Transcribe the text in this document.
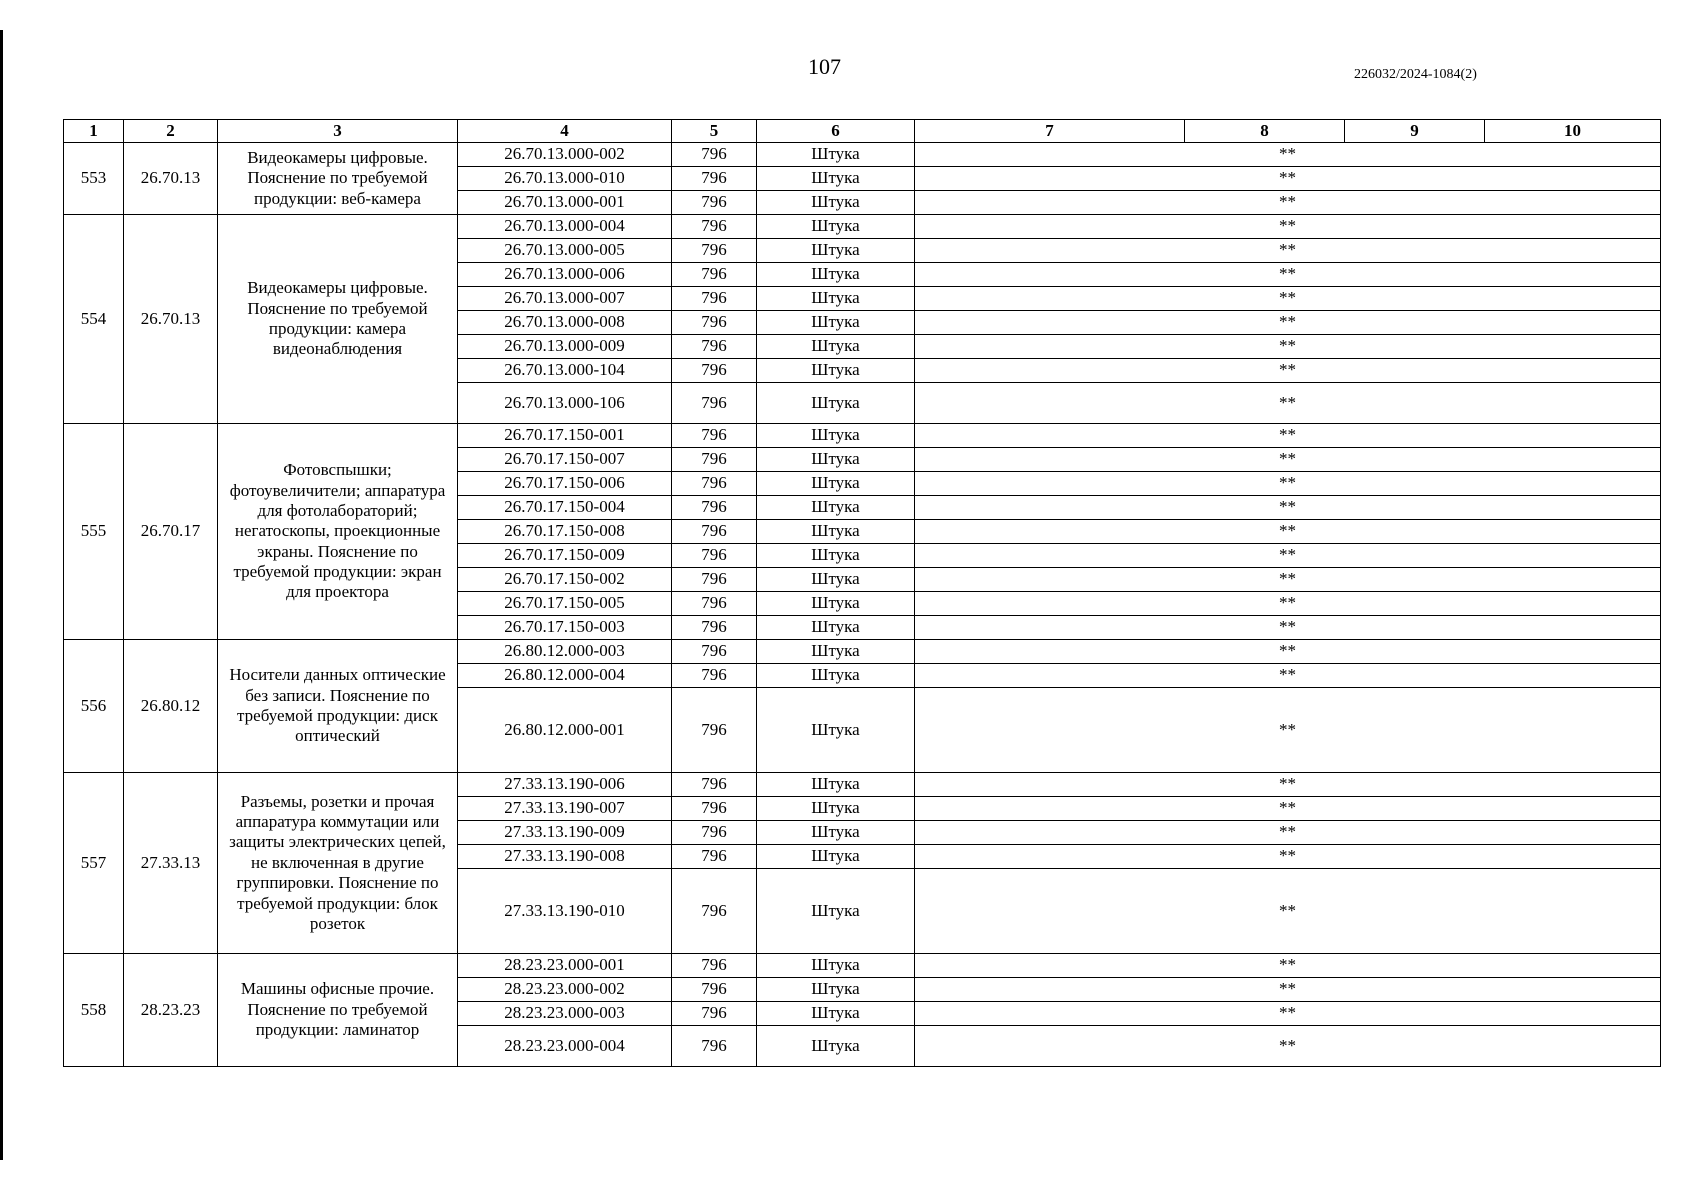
107	226032/2024-1084(2)
1	2	3	4	5	6	7	8	9	10
553	26.70.13	Видеокамеры цифровые. Пояснение по требуемой продукции: веб-камера	26.70.13.000-002	796	Штука	**			
			26.70.13.000-010	796	Штука	**			
			26.70.13.000-001	796	Штука	**			
554	26.70.13	Видеокамеры цифровые. Пояснение по требуемой продукции: камера видеонаблюдения	26.70.13.000-004	796	Штука	**			
			26.70.13.000-005	796	Штука	**			
			26.70.13.000-006	796	Штука	**			
			26.70.13.000-007	796	Штука	**			
			26.70.13.000-008	796	Штука	**			
			26.70.13.000-009	796	Штука	**			
			26.70.13.000-104	796	Штука	**			
			26.70.13.000-106	796	Штука	**			
555	26.70.17	Фотовспышки; фотоувеличители; аппаратура для фотолабораторий; негатоскопы, проекционные экраны. Пояснение по требуемой продукции: экран для проектора	26.70.17.150-001	796	Штука	**			
			26.70.17.150-007	796	Штука	**			
			26.70.17.150-006	796	Штука	**			
			26.70.17.150-004	796	Штука	**			
			26.70.17.150-008	796	Штука	**			
			26.70.17.150-009	796	Штука	**			
			26.70.17.150-002	796	Штука	**			
			26.70.17.150-005	796	Штука	**			
			26.70.17.150-003	796	Штука	**			
556	26.80.12	Носители данных оптические без записи. Пояснение по требуемой продукции: диск оптический	26.80.12.000-003	796	Штука	**			
			26.80.12.000-004	796	Штука	**			
			26.80.12.000-001	796	Штука	**			
557	27.33.13	Разъемы, розетки и прочая аппаратура коммутации или защиты электрических цепей, не включенная в другие группировки. Пояснение по требуемой продукции: блок розеток	27.33.13.190-006	796	Штука	**			
			27.33.13.190-007	796	Штука	**			
			27.33.13.190-009	796	Штука	**			
			27.33.13.190-008	796	Штука	**			
			27.33.13.190-010	796	Штука	**			
558	28.23.23	Машины офисные прочие. Пояснение по требуемой продукции: ламинатор	28.23.23.000-001	796	Штука	**			
			28.23.23.000-002	796	Штука	**			
			28.23.23.000-003	796	Штука	**			
			28.23.23.000-004	796	Штука	**			
